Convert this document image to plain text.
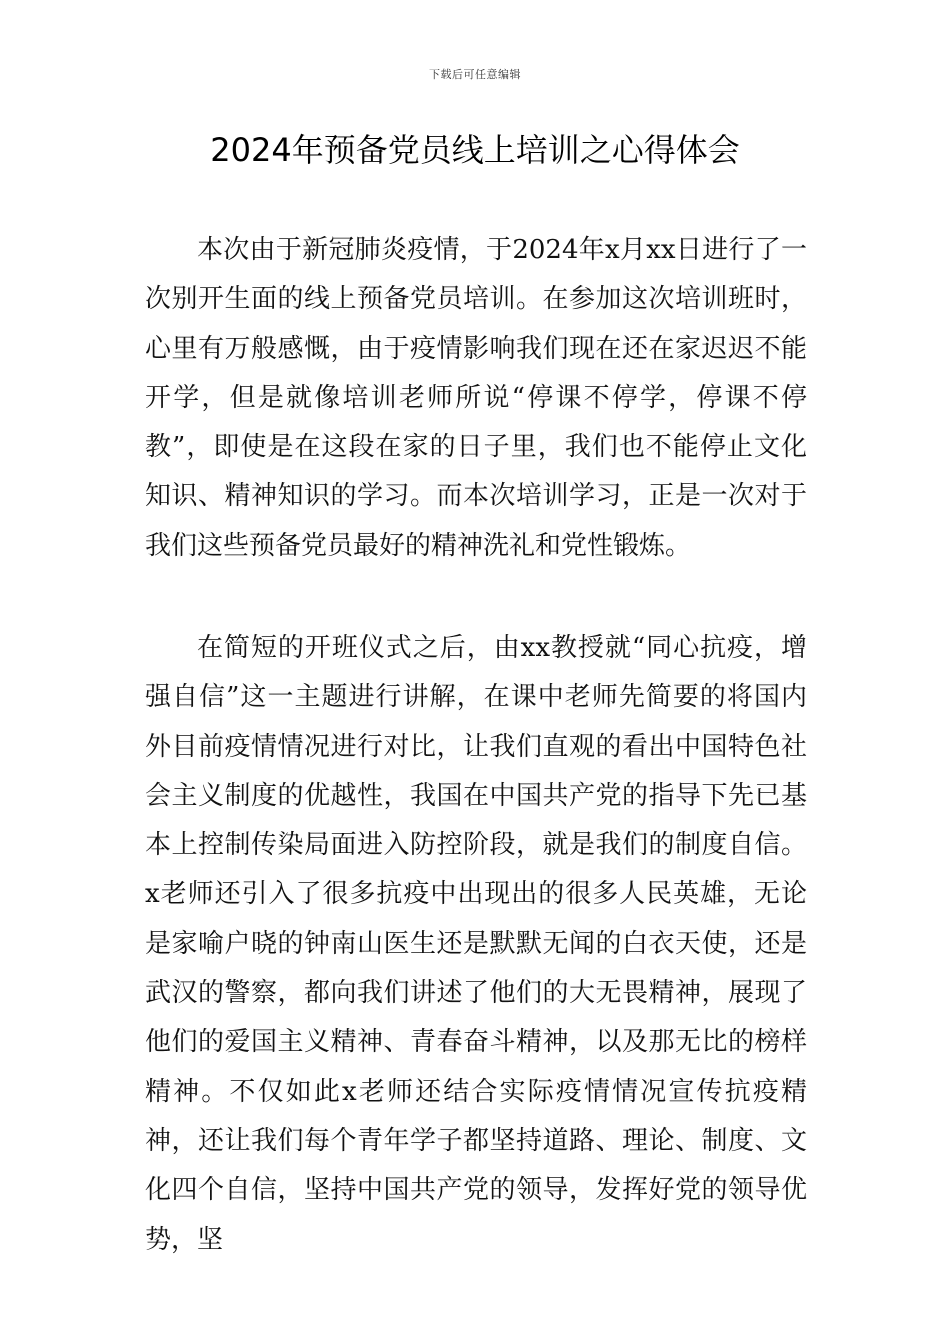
下载后可任意编辑
2024年预备党员线上培训之心得体会

本次由于新冠肺炎疫情，于2024年x月xx日进行了一次别开生面的线上预备党员培训。在参加这次培训班时，心里有万般感慨，由于疫情影响我们现在还在家迟迟不能开学，但是就像培训老师所说“停课不停学，停课不停教”，即使是在这段在家的日子里，我们也不能停止文化知识、精神知识的学习。而本次培训学习，正是一次对于我们这些预备党员最好的精神洗礼和党性锻炼。

在简短的开班仪式之后，由xx教授就“同心抗疫，增强自信”这一主题进行讲解，在课中老师先简要的将国内外目前疫情情况进行对比，让我们直观的看出中国特色社会主义制度的优越性，我国在中国共产党的指导下先已基本上控制传染局面进入防控阶段，就是我们的制度自信。x老师还引入了很多抗疫中出现出的很多人民英雄，无论是家喻户晓的钟南山医生还是默默无闻的白衣天使，还是武汉的警察，都向我们讲述了他们的大无畏精神，展现了他们的爱国主义精神、青春奋斗精神，以及那无比的榜样精神。不仅如此x老师还结合实际疫情情况宣传抗疫精神，还让我们每个青年学子都坚持道路、理论、制度、文化四个自信，坚持中国共产党的领导，发挥好党的领导优势，坚
